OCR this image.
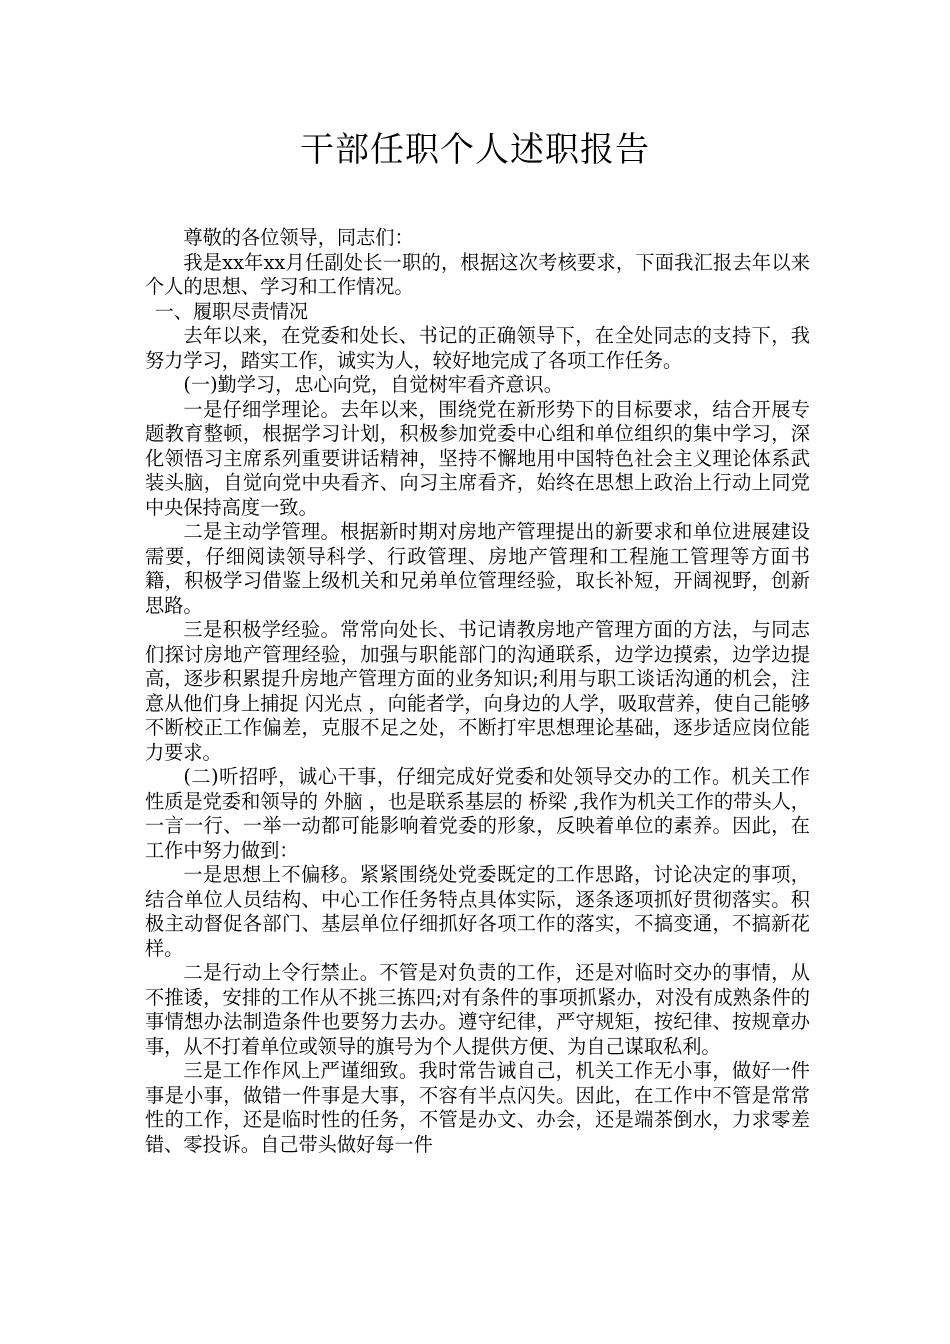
干部任职个人述职报告

尊敬的各位领导，同志们：

我是xx年xx月任副处长一职的，根据这次考核要求，下面我汇报去年以来个人的思想、学习和工作情况。

一、履职尽责情况

去年以来，在党委和处长、书记的正确领导下，在全处同志的支持下，我努力学习，踏实工作，诚实为人，较好地完成了各项工作任务。

(一)勤学习，忠心向党，自觉树牢看齐意识。

一是仔细学理论。去年以来，围绕党在新形势下的目标要求，结合开展专题教育整顿，根据学习计划，积极参加党委中心组和单位组织的集中学习，深化领悟习主席系列重要讲话精神，坚持不懈地用中国特色社会主义理论体系武装头脑，自觉向党中央看齐、向习主席看齐，始终在思想上政治上行动上同党中央保持高度一致。

二是主动学管理。根据新时期对房地产管理提出的新要求和单位进展建设需要，仔细阅读领导科学、行政管理、房地产管理和工程施工管理等方面书籍，积极学习借鉴上级机关和兄弟单位管理经验，取长补短，开阔视野，创新思路。

三是积极学经验。常常向处长、书记请教房地产管理方面的方法，与同志们探讨房地产管理经验，加强与职能部门的沟通联系，边学边摸索，边学边提高，逐步积累提升房地产管理方面的业务知识;利用与职工谈话沟通的机会，注意从他们身上捕捉 闪光点 ，向能者学，向身边的人学，吸取营养，使自己能够不断校正工作偏差，克服不足之处，不断打牢思想理论基础，逐步适应岗位能力要求。

(二)听招呼，诚心干事，仔细完成好党委和处领导交办的工作。机关工作性质是党委和领导的 外脑 ，也是联系基层的 桥梁 ,我作为机关工作的带头人，一言一行、一举一动都可能影响着党委的形象，反映着单位的素养。因此，在工作中努力做到：

一是思想上不偏移。紧紧围绕处党委既定的工作思路，讨论决定的事项，结合单位人员结构、中心工作任务特点具体实际，逐条逐项抓好贯彻落实。积极主动督促各部门、基层单位仔细抓好各项工作的落实，不搞变通，不搞新花样。

二是行动上令行禁止。不管是对负责的工作，还是对临时交办的事情，从不推诿，安排的工作从不挑三拣四;对有条件的事项抓紧办，对没有成熟条件的事情想办法制造条件也要努力去办。遵守纪律，严守规矩，按纪律、按规章办事，从不打着单位或领导的旗号为个人提供方便、为自己谋取私利。

三是工作作风上严谨细致。我时常告诫自己，机关工作无小事，做好一件事是小事，做错一件事是大事，不容有半点闪失。因此，在工作中不管是常常性的工作，还是临时性的任务，不管是办文、办会，还是端茶倒水，力求零差错、零投诉。自己带头做好每一件
